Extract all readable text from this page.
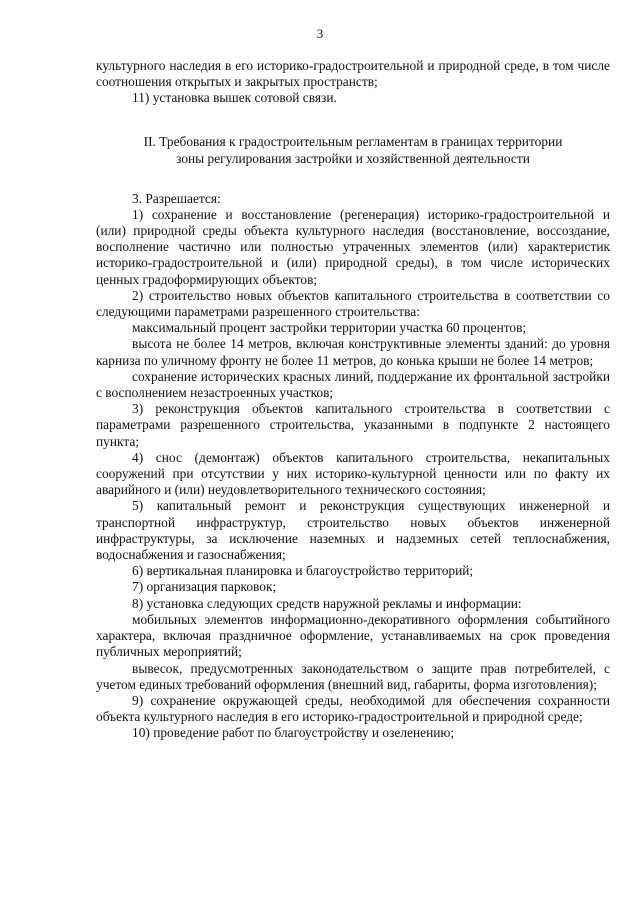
3

культурного наследия в его историко-градостроительной и природной среде, в том числе соотношения открытых и закрытых пространств;

11) установка вышек сотовой связи.

II. Требования к градостроительным регламентам в границах территории
зоны регулирования застройки и хозяйственной деятельности

3. Разрешается:

1) сохранение и восстановление (регенерация) историко-градостроительной и (или) природной среды объекта культурного наследия (восстановление, воссоздание, восполнение частично или полностью утраченных элементов (или) характеристик историко-градостроительной и (или) природной среды), в том числе исторических ценных градоформирующих объектов;

2) строительство новых объектов капитального строительства в соответствии со следующими параметрами разрешенного строительства:

максимальный процент застройки территории участка 60 процентов;

высота не более 14 метров, включая конструктивные элементы зданий: до уровня карниза по уличному фронту не более 11 метров, до конька крыши не более 14 метров;

сохранение исторических красных линий, поддержание их фронтальной застройки с восполнением незастроенных участков;

3) реконструкция объектов капитального строительства в соответствии с параметрами разрешенного строительства, указанными в подпункте 2 настоящего пункта;

4) снос (демонтаж) объектов капитального строительства, некапитальных сооружений при отсутствии у них историко-культурной ценности или по факту их аварийного и (или) неудовлетворительного технического состояния;

5) капитальный ремонт и реконструкция существующих инженерной и транспортной инфраструктур, строительство новых объектов инженерной инфраструктуры, за исключение наземных и надземных сетей теплоснабжения, водоснабжения и газоснабжения;

6) вертикальная планировка и благоустройство территорий;

7) организация парковок;

8) установка следующих средств наружной рекламы и информации:

мобильных элементов информационно-декоративного оформления событийного характера, включая праздничное оформление, устанавливаемых на срок проведения публичных мероприятий;

вывесок, предусмотренных законодательством о защите прав потребителей, с учетом единых требований оформления (внешний вид, габариты, форма изготовления);

9) сохранение окружающей среды, необходимой для обеспечения сохранности объекта культурного наследия в его историко-градостроительной и природной среде;

10) проведение работ по благоустройству и озеленению;
